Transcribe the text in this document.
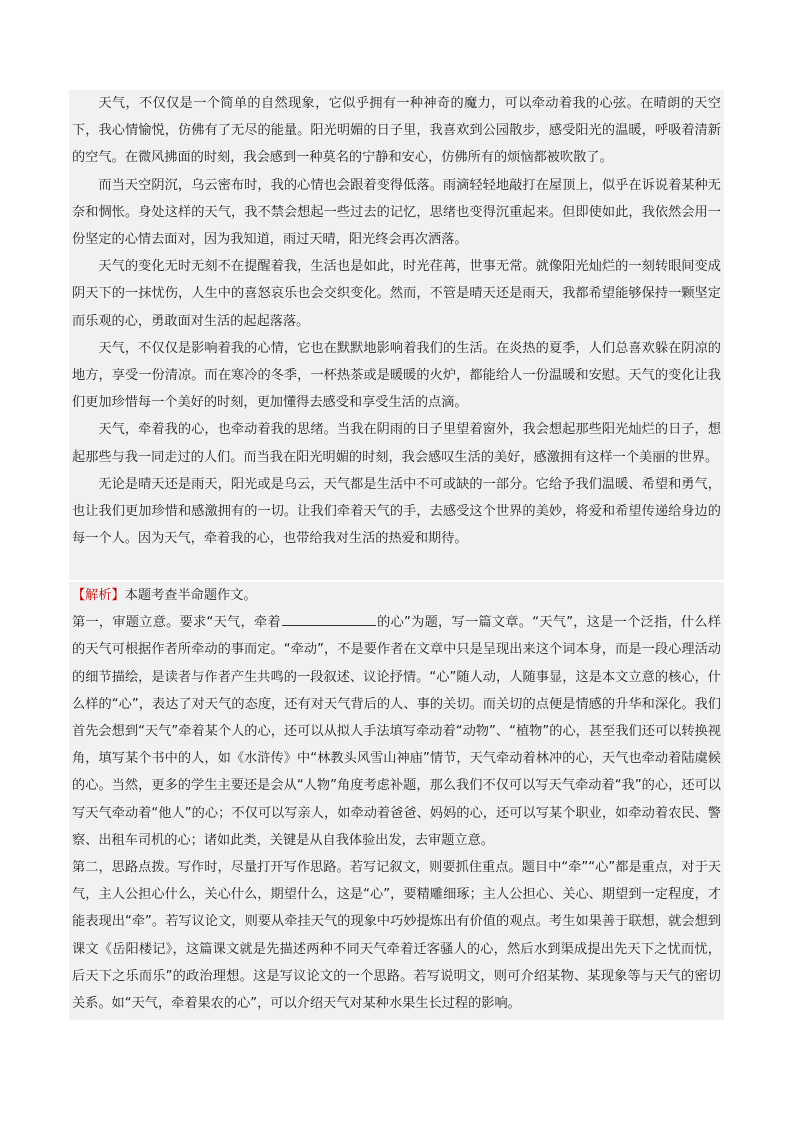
天气，不仅仅是一个简单的自然现象，它似乎拥有一种神奇的魔力，可以牵动着我的心弦。在晴朗的天空下，我心情愉悦，仿佛有了无尽的能量。阳光明媚的日子里，我喜欢到公园散步，感受阳光的温暖，呼吸着清新的空气。在微风拂面的时刻，我会感到一种莫名的宁静和安心，仿佛所有的烦恼都被吹散了。

而当天空阴沉，乌云密布时，我的心情也会跟着变得低落。雨滴轻轻地敲打在屋顶上，似乎在诉说着某种无奈和惆怅。身处这样的天气，我不禁会想起一些过去的记忆，思绪也变得沉重起来。但即使如此，我依然会用一份坚定的心情去面对，因为我知道，雨过天晴，阳光终会再次洒落。

天气的变化无时无刻不在提醒着我，生活也是如此，时光荏苒，世事无常。就像阳光灿烂的一刻转眼间变成阴天下的一抹忧伤，人生中的喜怒哀乐也会交织变化。然而，不管是晴天还是雨天，我都希望能够保持一颗坚定而乐观的心，勇敢面对生活的起起落落。

天气，不仅仅是影响着我的心情，它也在默默地影响着我们的生活。在炎热的夏季，人们总喜欢躲在阴凉的地方，享受一份清凉。而在寒冷的冬季，一杯热茶或是暖暖的火炉，都能给人一份温暖和安慰。天气的变化让我们更加珍惜每一个美好的时刻，更加懂得去感受和享受生活的点滴。

天气，牵着我的心，也牵动着我的思绪。当我在阴雨的日子里望着窗外，我会想起那些阳光灿烂的日子，想起那些与我一同走过的人们。而当我在阳光明媚的时刻，我会感叹生活的美好，感激拥有这样一个美丽的世界。

无论是晴天还是雨天，阳光或是乌云，天气都是生活中不可或缺的一部分。它给予我们温暖、希望和勇气，也让我们更加珍惜和感激拥有的一切。让我们牵着天气的手，去感受这个世界的美妙，将爱和希望传递给身边的每一个人。因为天气，牵着我的心，也带给我对生活的热爱和期待。

【解析】本题考查半命题作文。

第一，审题立意。要求“天气，牵着	的心”为题，写一篇文章。“天气”，这是一个泛指，什么样的天气可根据作者所牵动的事而定。“牵动”，不是要作者在文章中只是呈现出来这个词本身，而是一段心理活动的细节描绘，是读者与作者产生共鸣的一段叙述、议论抒情。“心”随人动，人随事显，这是本文立意的核心，什么样的“心”，表达了对天气的态度，还有对天气背后的人、事的关切。而关切的点便是情感的升华和深化。我们首先会想到“天气”牵着某个人的心，还可以从拟人手法填写牵动着“动物”、“植物”的心，甚至我们还可以转换视角，填写某个书中的人，如《水浒传》中“林教头风雪山神庙”情节，天气牵动着林冲的心，天气也牵动着陆虞候的心。当然，更多的学生主要还是会从“人物”角度考虑补题，那么我们不仅可以写天气牵动着“我”的心，还可以写天气牵动着“他人”的心；不仅可以写亲人，如牵动着爸爸、妈妈的心，还可以写某个职业，如牵动着农民、警察、出租车司机的心；诸如此类，关键是从自我体验出发，去审题立意。

第二，思路点拨。写作时，尽量打开写作思路。若写记叙文，则要抓住重点。题目中“牵”“心”都是重点，对于天气，主人公担心什么，关心什么，期望什么，这是“心”，要精雕细琢；主人公担心、关心、期望到一定程度，才能表现出“牵”。若写议论文，则要从牵挂天气的现象中巧妙提炼出有价值的观点。考生如果善于联想，就会想到课文《岳阳楼记》，这篇课文就是先描述两种不同天气牵着迁客骚人的心，然后水到渠成提出先天下之忧而忧，后天下之乐而乐”的政治理想。这是写议论文的一个思路。若写说明文，则可介绍某物、某现象等与天气的密切关系。如“天气，牵着果农的心”，可以介绍天气对某种水果生长过程的影响。
